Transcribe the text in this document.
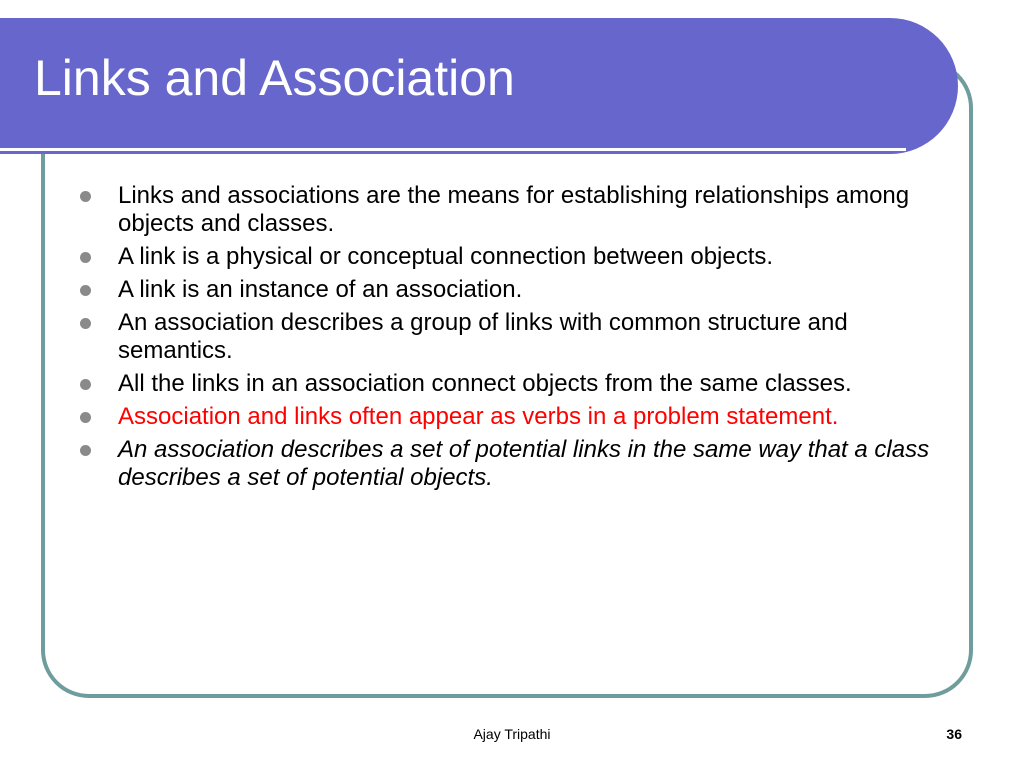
Links and Association
Links and associations are the means for establishing relationships among objects and classes.
A link is a physical or conceptual connection between objects.
A link is an instance of an association.
An association describes a group of links with common structure and semantics.
All the links in an association connect objects from the same classes.
Association and links often appear as verbs in a problem statement.
An association describes a set of potential links in the same way that a class describes a set of potential objects.
Ajay Tripathi	36
